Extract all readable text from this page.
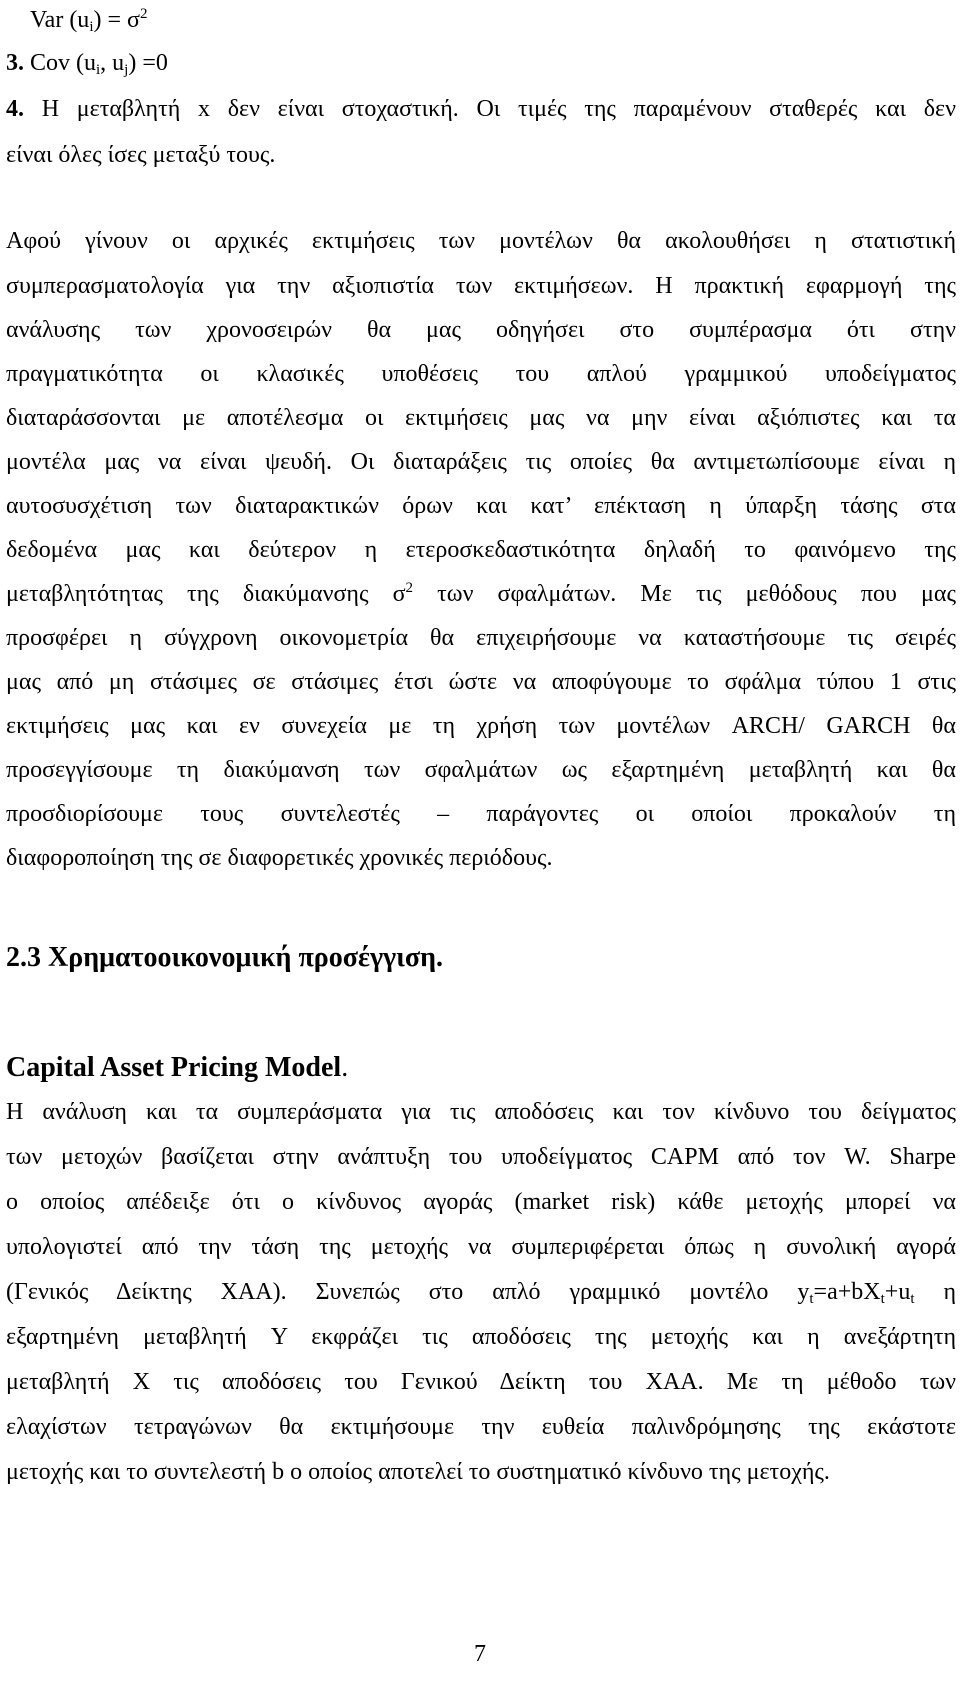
Var $(u_i) = \sigma^2$
3. Cov ($u_i$, $u_j) =0$
4. Η μεταβλητή x δεν είναι στοχαστική. Οι τιμές της παραμένουν σταθερές και δεν
είναι όλες ίσες μεταξύ τους.
Αφού γίνουν οι αρχικές εκτιμήσεις των μοντέλων θα ακολουθήσει η στατιστική
συμπερασματολογία για την αξιοπιστία των εκτιμήσεων. Η πρακτική εφαρμογή της
ανάλυσης των χρονοσειρών θα μας οδηγήσει στο συμπέρασμα ότι στην
πραγματικότητα οι κλασικές υποθέσεις του απλού γραμμικού υποδείγματος
διαταράσσονται με αποτέλεσμα οι εκτιμήσεις μας να μην είναι αξιόπιστες και τα
μοντέλα μας να είναι ψευδή. Οι διαταράξεις τις οποίες θα αντιμετωπίσουμε είναι η
αυτοσυσχέτιση των διαταρακτικών όρων και κατ’ επέκταση η ύπαρξη τάσης στα
δεδομένα μας και δεύτερον η ετεροσκεδαστικότητα δηλαδή το φαινόμενο της
μεταβλητότητας της διακύμανσης $\sigma^2$ των σφαλμάτων. Με τις μεθόδους που μας
προσφέρει η σύγχρονη οικονομετρία θα επιχειρήσουμε να καταστήσουμε τις σειρές
μας από μη στάσιμες σε στάσιμες έτσι ώστε να αποφύγουμε το σφάλμα τύπου 1 στις
εκτιμήσεις μας και εν συνεχεία με τη χρήση των μοντέλων ARCH/ GARCH θα
προσεγγίσουμε τη διακύμανση των σφαλμάτων ως εξαρτημένη μεταβλητή και θα
προσδιορίσουμε τους συντελεστές – παράγοντες οι οποίοι προκαλούν τη
διαφοροποίηση της σε διαφορετικές χρονικές περιόδους.
2.3 Χρηματοοικονομική προσέγγιση.
Capital Asset Pricing Model.
Η ανάλυση και τα συμπεράσματα για τις αποδόσεις και τον κίνδυνο του δείγματος
των μετοχών βασίζεται στην ανάπτυξη του υποδείγματος CAPM από τον W. Sharpe
ο οποίος απέδειξε ότι ο κίνδυνος αγοράς (market risk) κάθε μετοχής μπορεί να
υπολογιστεί από την τάση της μετοχής να συμπεριφέρεται όπως η συνολική αγορά
(Γενικός Δείκτης ΧΑΑ). Συνεπώς στο απλό γραμμικό μοντέλο $y_t=a+bX_t+u_t$ η
εξαρτημένη μεταβλητή Y εκφράζει τις αποδόσεις της μετοχής και η ανεξάρτητη
μεταβλητή Χ τις αποδόσεις του Γενικού Δείκτη του ΧΑΑ. Με τη μέθοδο των
ελαχίστων τετραγώνων θα εκτιμήσουμε την ευθεία παλινδρόμησης της εκάστοτε
μετοχής και το συντελεστή b ο οποίος αποτελεί το συστηματικό κίνδυνο της μετοχής.
7
